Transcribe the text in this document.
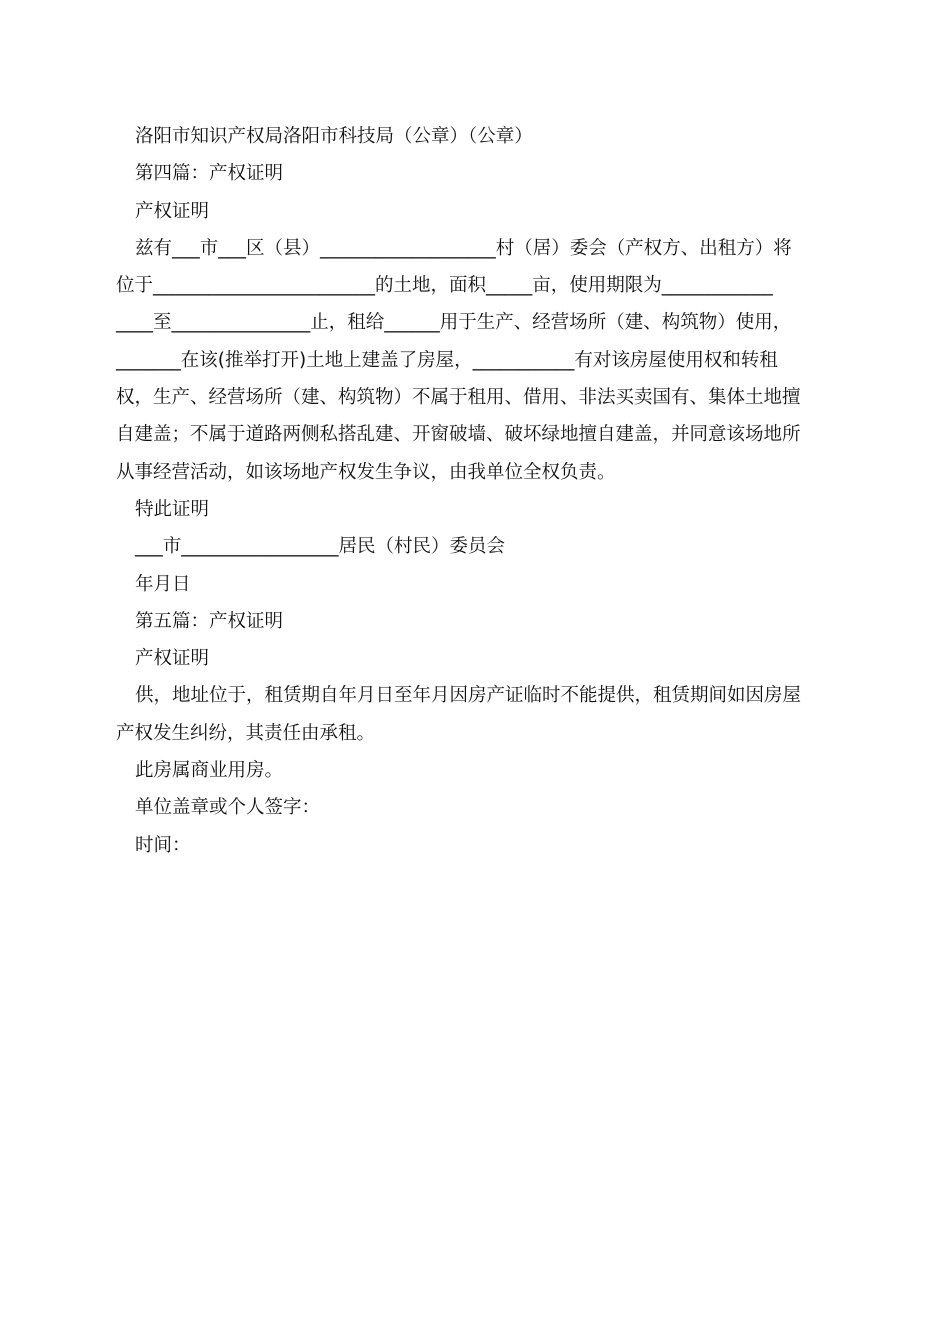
洛阳市知识产权局洛阳市科技局（公章）（公章）
第四篇：产权证明
产权证明
兹有___市___区（县）___________________村（居）委会（产权方、出租方）将
位于________________________的土地，面积_____亩，使用期限为____________
____至_______________止，租给______用于生产、经营场所（建、构筑物）使用，
_______在该(推举打开)土地上建盖了房屋，___________有对该房屋使用权和转租
权，生产、经营场所（建、构筑物）不属于租用、借用、非法买卖国有、集体土地擅
自建盖；不属于道路两侧私搭乱建、开窗破墙、破坏绿地擅自建盖，并同意该场地所
从事经营活动，如该场地产权发生争议，由我单位全权负责。
特此证明
___市_________________居民（村民）委员会
年月日
第五篇：产权证明
产权证明
供，地址位于，租赁期自年月日至年月因房产证临时不能提供，租赁期间如因房屋
产权发生纠纷，其责任由承租。
此房属商业用房。
单位盖章或个人签字：
时间：
